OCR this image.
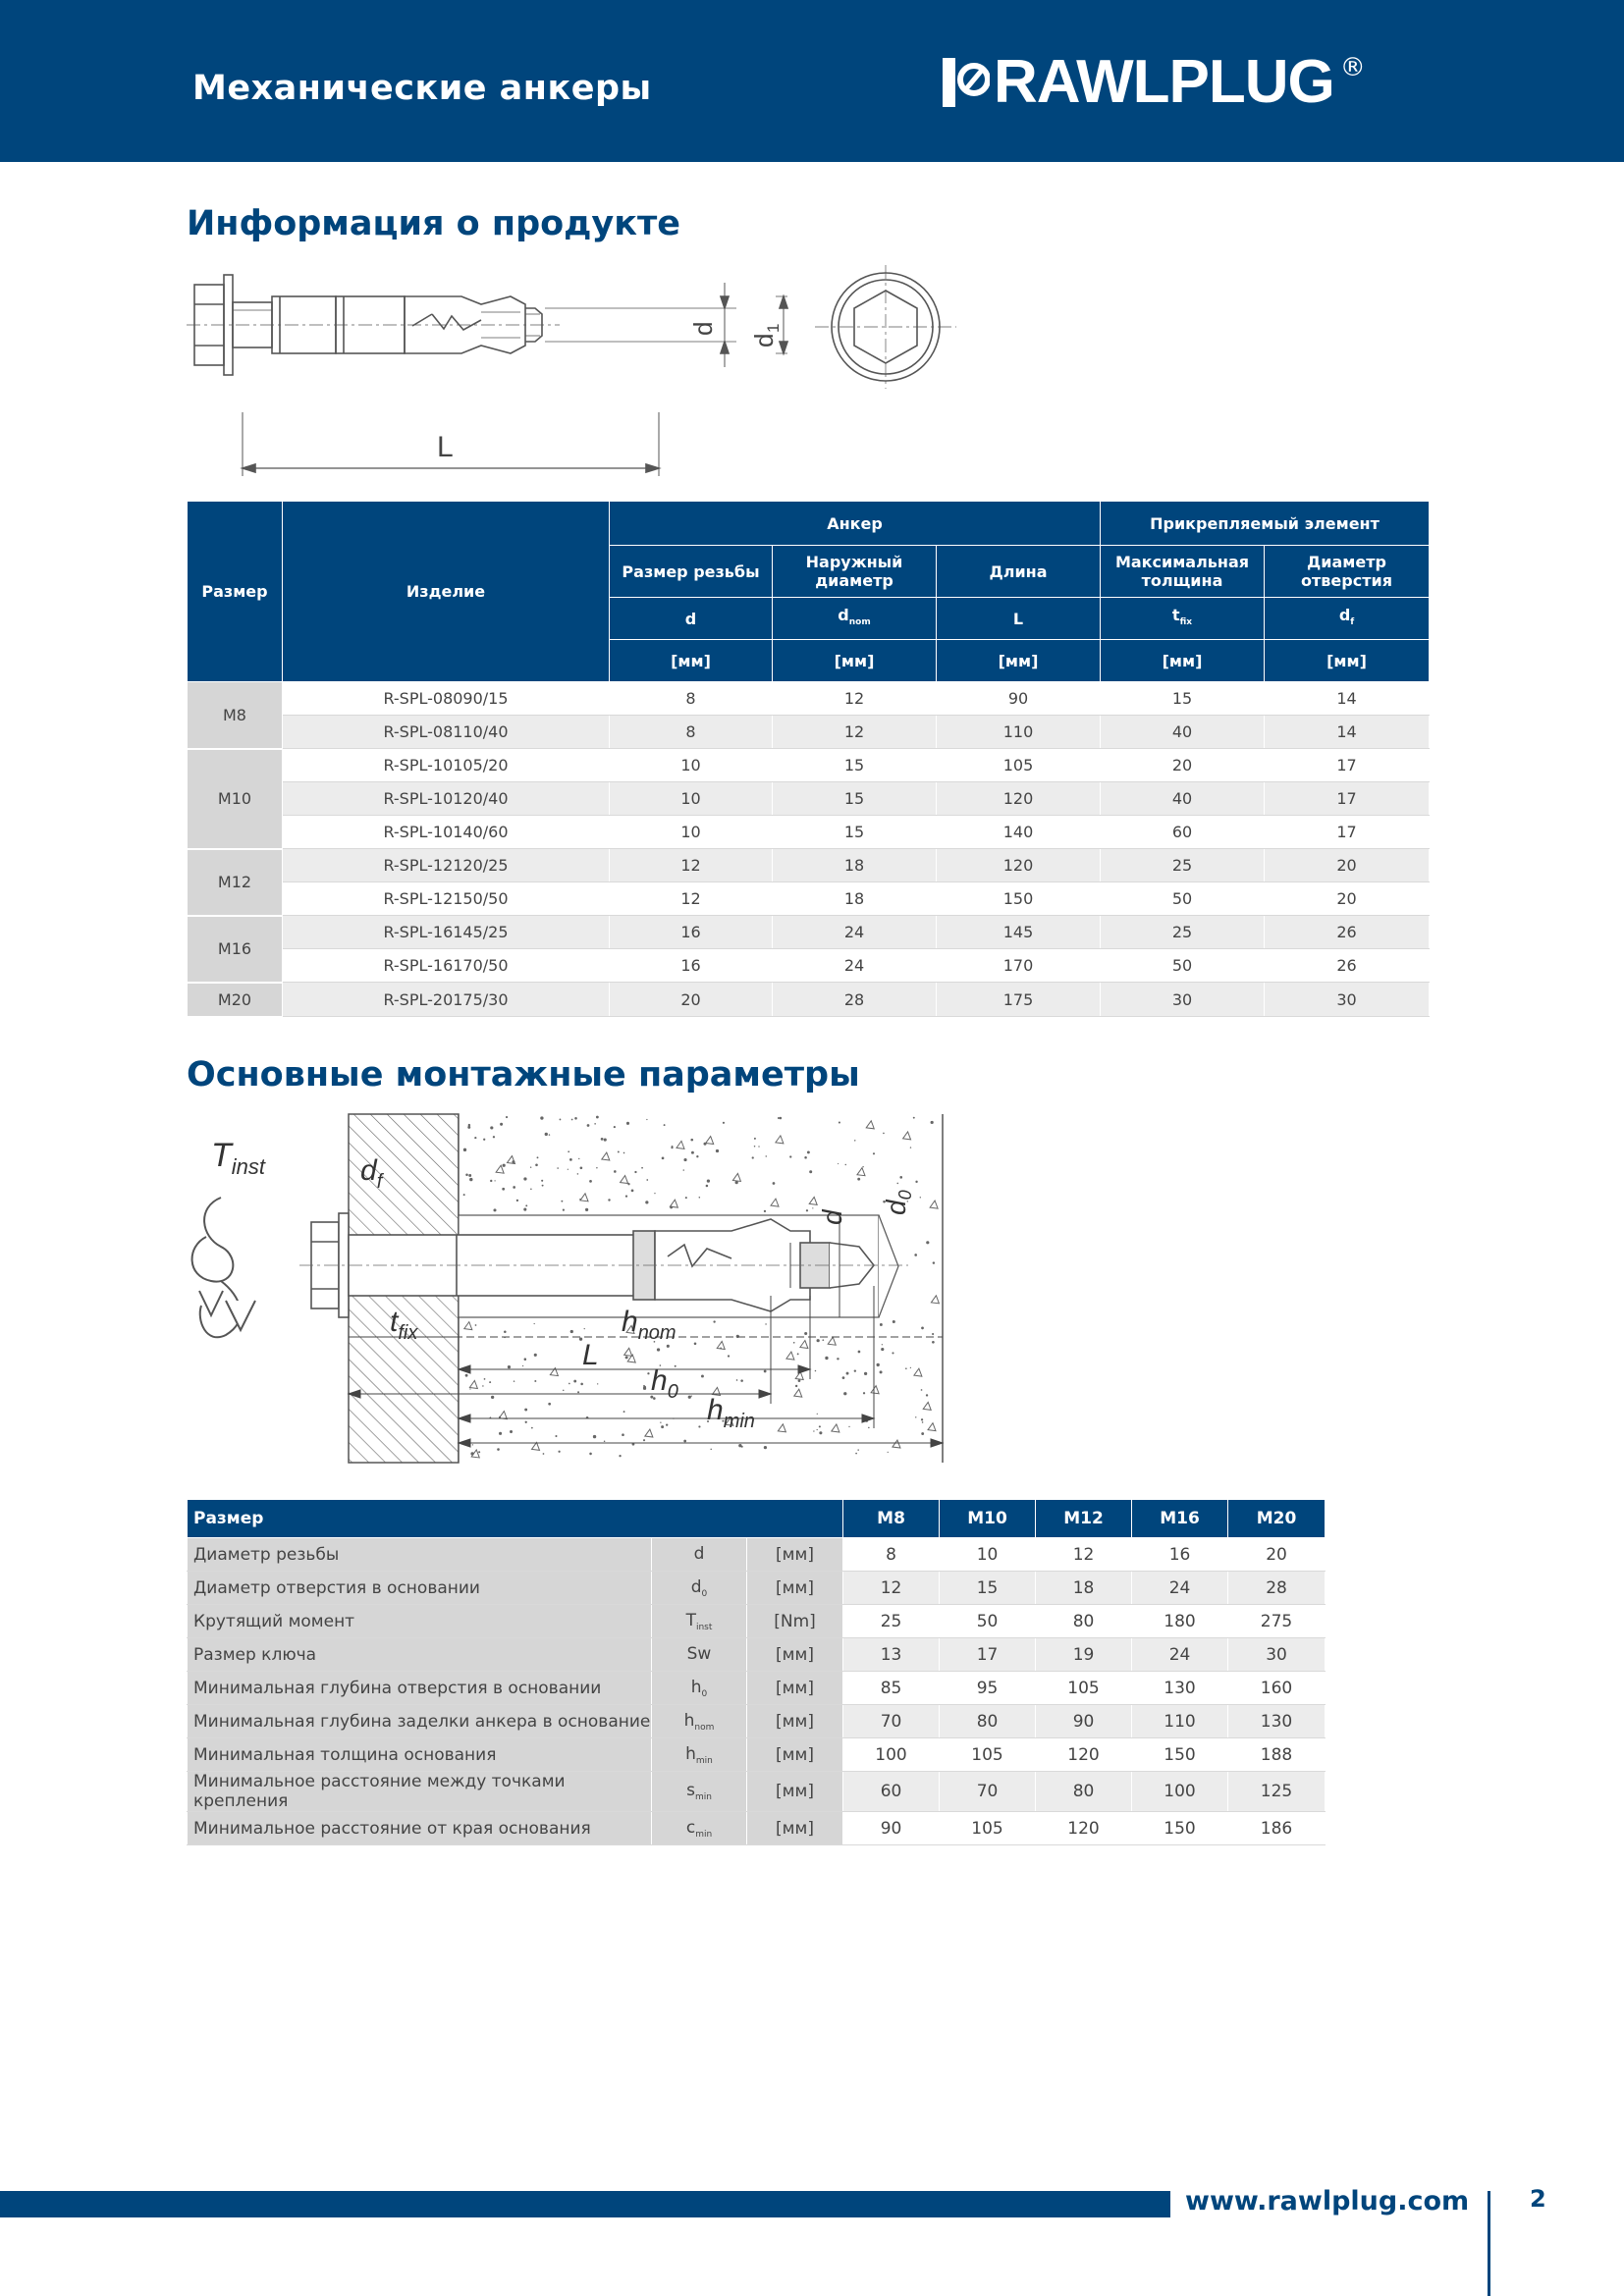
Механические анкеры	RAWLPLUG ®
Информация о продукте
L
d
d
1
Размер	Изделие	Анкер			Прикрепляемый элемент	
		Размер резьбы	Наружный диаметр	Длина	Максимальная толщина	Диаметр отверстия
		d	$d_{nom}$	L	$t_{fix}$	$d_f$
		[мм]	[мм]	[мм]	[мм]	[мм]
M8	R-SPL-08090/15	8	12	90	15	14
	R-SPL-08110/40	8	12	110	40	14
M10	R-SPL-10105/20	10	15	105	20	17
	R-SPL-10120/40	10	15	120	40	17
	R-SPL-10140/60	10	15	140	60	17
M12	R-SPL-12120/25	12	18	120	25	20
	R-SPL-12150/50	12	18	150	50	20
M16	R-SPL-16145/25	16	24	145	25	26
	R-SPL-16170/50	16	24	170	50	26
M20	R-SPL-20175/30	20	28	175	30	30
Основные монтажные параметры
$T_{inst}$	$d_f$
$t_{fix}$	$h_{nom}$
L
$h_0$
$h_{min}$
d
$d_0$
Размер			M8	M10	M12	M16	M20
Диаметр резьбы	d	[мм]	8	10	12	16	20
Диаметр отверстия в основании	$d_0$	[мм]	12	15	18	24	28
Крутящий момент	$T_{inst}$	[Nm]	25	50	80	180	275
Размер ключа	Sw	[мм]	13	17	19	24	30
Минимальная глубина отверстия в основании	$h_0$	[мм]	85	95	105	130	160
Минимальная глубина заделки анкера в основание	$h_{nom}$	[мм]	70	80	90	110	130
Минимальная толщина основания	$h_{min}$	[мм]	100	105	120	150	188
Минимальное расстояние между точками крепления	$s_{min}$	[мм]	60	70	80	100	125
Минимальное расстояние от края основания	$c_{min}$	[мм]	90	105	120	150	186
www.rawlplug.com	2
